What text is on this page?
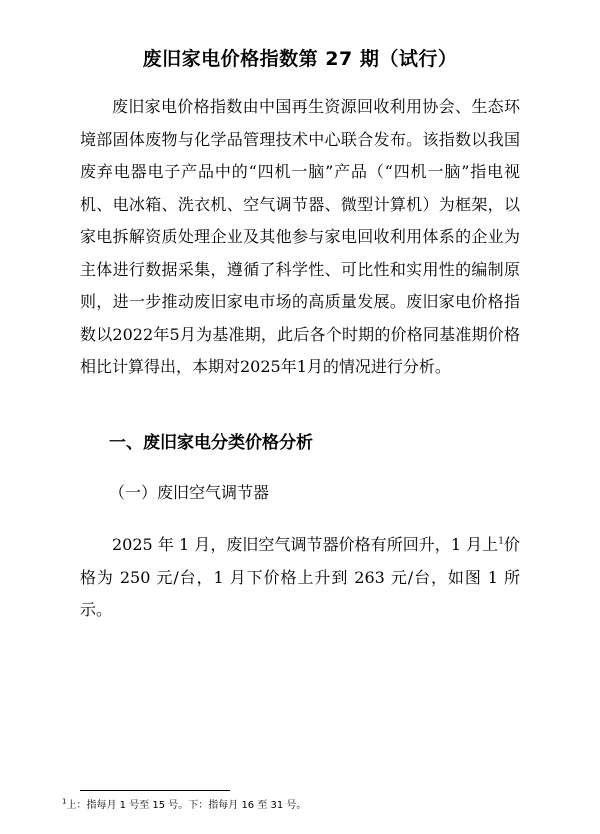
废旧家电价格指数第 27 期（试行）

废旧家电价格指数由中国再生资源回收利用协会、生态环境部固体废物与化学品管理技术中心联合发布。该指数以我国废弃电器电子产品中的“四机一脑”产品（“四机一脑”指电视机、电冰箱、洗衣机、空气调节器、微型计算机）为框架，以家电拆解资质处理企业及其他参与家电回收利用体系的企业为主体进行数据采集，遵循了科学性、可比性和实用性的编制原则，进一步推动废旧家电市场的高质量发展。废旧家电价格指数以2022年5月为基准期，此后各个时期的价格同基准期价格相比计算得出，本期对2025年1月的情况进行分析。

一、废旧家电分类价格分析
（一）废旧空气调节器

2025 年 1 月，废旧空气调节器价格有所回升，1 月上$^1$价格为 250 元/台，1 月下价格上升到 263 元/台，如图 1 所示。

$^1$上：指每月 1 号至 15 号。下：指每月 16 至 31 号。
